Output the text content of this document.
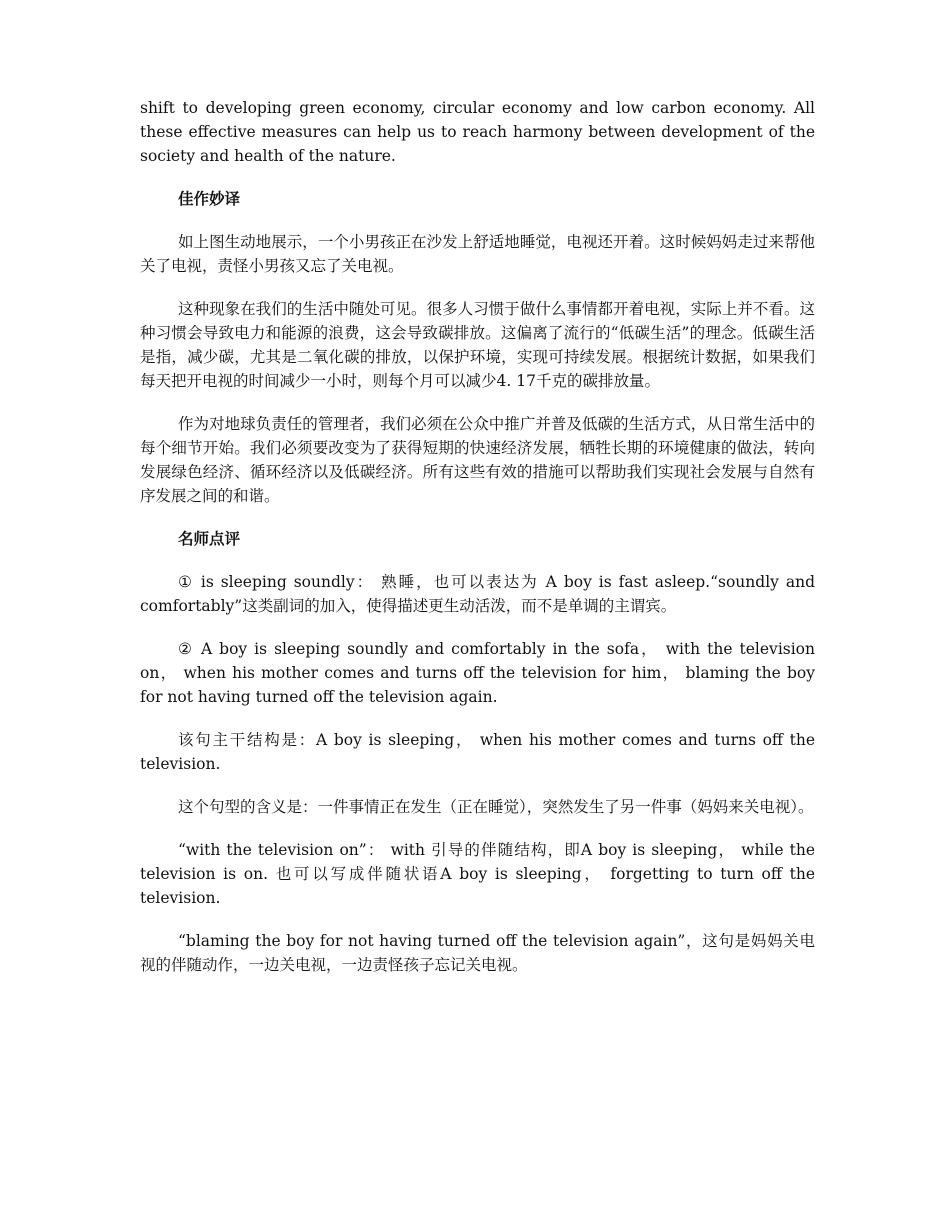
shift to developing green economy, circular economy and low carbon economy. All these effective measures can help us to reach harmony between development of the society and health of the nature.

佳作妙译

如上图生动地展示，一个小男孩正在沙发上舒适地睡觉，电视还开着。这时候妈妈走过来帮他关了电视，责怪小男孩又忘了关电视。

这种现象在我们的生活中随处可见。很多人习惯于做什么事情都开着电视，实际上并不看。这种习惯会导致电力和能源的浪费，这会导致碳排放。这偏离了流行的“低碳生活”的理念。低碳生活是指，减少碳，尤其是二氧化碳的排放，以保护环境，实现可持续发展。根据统计数据，如果我们每天把开电视的时间减少一小时，则每个月可以减少4. 17千克的碳排放量。

作为对地球负责任的管理者，我们必须在公众中推广并普及低碳的生活方式，从日常生活中的每个细节开始。我们必须要改变为了获得短期的快速经济发展，牺牲长期的环境健康的做法，转向发展绿色经济、循环经济以及低碳经济。所有这些有效的措施可以帮助我们实现社会发展与自然有序发展之间的和谐。

名师点评

① is sleeping soundly： 熟睡，也可以表达为 A boy is fast asleep.“soundly and comfortably”这类副词的加入，使得描述更生动活泼，而不是单调的主谓宾。

② A boy is sleeping soundly and comfortably in the sofa， with the television on， when his mother comes and turns off the television for him， blaming the boy for not having turned off the television again.

该句主干结构是：A boy is sleeping， when his mother comes and turns off the television.

这个句型的含义是：一件事情正在发生（正在睡觉），突然发生了另一件事（妈妈来关电视）。

“with the television on”： with 引导的伴随结构，即A boy is sleeping， while the television is on. 也可以写成伴随状语A boy is sleeping， forgetting to turn off the television.

“blaming the boy for not having turned off the television again”，这句是妈妈关电视的伴随动作，一边关电视，一边责怪孩子忘记关电视。
